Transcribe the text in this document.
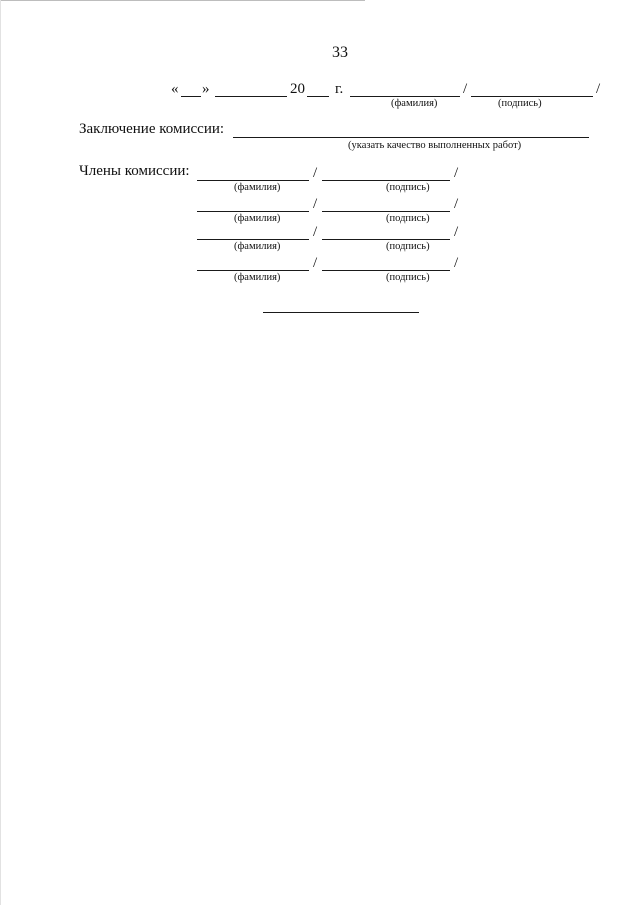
33
« »	20 г.	/	/
(фамилия)	(подпись)
Заключение комиссии:
(указать качество выполненных работ)
Члены комиссии:	/	/
(фамилия)	(подпись)
/	/
(фамилия)	(подпись)
/	/
(фамилия)	(подпись)
/	/
(фамилия)	(подпись)
